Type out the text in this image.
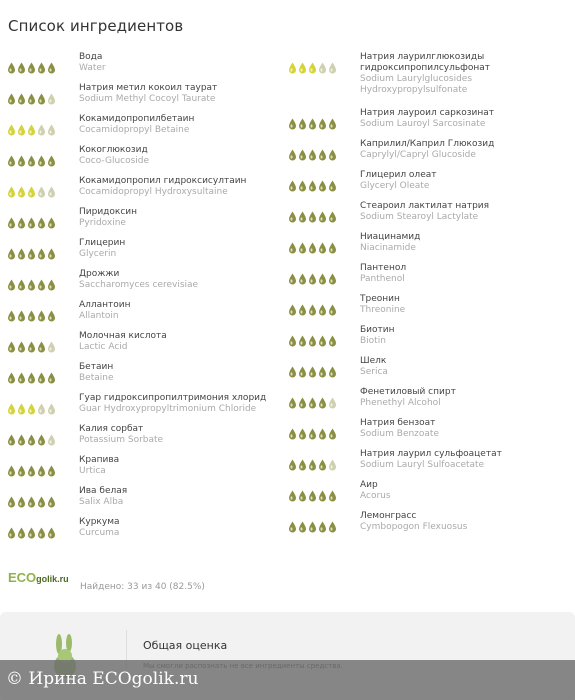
Список ингредиентов
Вода
Water
Натрия метил кокоил таурат
Sodium Methyl Cocoyl Taurate
Кокамидопропилбетаин
Cocamidopropyl Betaine
Кокоглюкозид
Coco-Glucoside
Кокамидопропил гидроксисултаин
Cocamidopropyl Hydroxysultaine
Пиридоксин
Pyridoxine
Глицерин
Glycerin
Дрожжи
Saccharomyces cerevisiae
Аллантоин
Allantoin
Молочная кислота
Lactic Acid
Бетаин
Betaine
Гуар гидроксипропилтримония хлорид
Guar Hydroxypropyltrimonium Chloride
Калия сорбат
Potassium Sorbate
Крапива
Urtica
Ива белая
Salix Alba
Куркума
Curcuma
Натрия лаурилглюкозиды гидроксипропилсульфонат
Sodium Laurylglucosides Hydroxypropylsulfonate
Натрия лауроил саркозинат
Sodium Lauroyl Sarcosinate
Каприлил/Каприл Глюкозид
Caprylyl/Capryl Glucoside
Глицерил олеат
Glyceryl Oleate
Стеароил лактилат натрия
Sodium Stearoyl Lactylate
Ниацинамид
Niacinamide
Пантенол
Panthenol
Треонин
Threonine
Биотин
Biotin
Шелк
Serica
Фенетиловый спирт
Phenethyl Alcohol
Натрия бензоат
Sodium Benzoate
Натрия лаурил сульфоацетат
Sodium Lauryl Sulfoacetate
Аир
Acorus
Лемонграсс
Cymbopogon Flexuosus
ECOgolik.ru
Найдено: 33 из 40 (82.5%)
Общая оценка
© Ирина ECOgolik.ru
